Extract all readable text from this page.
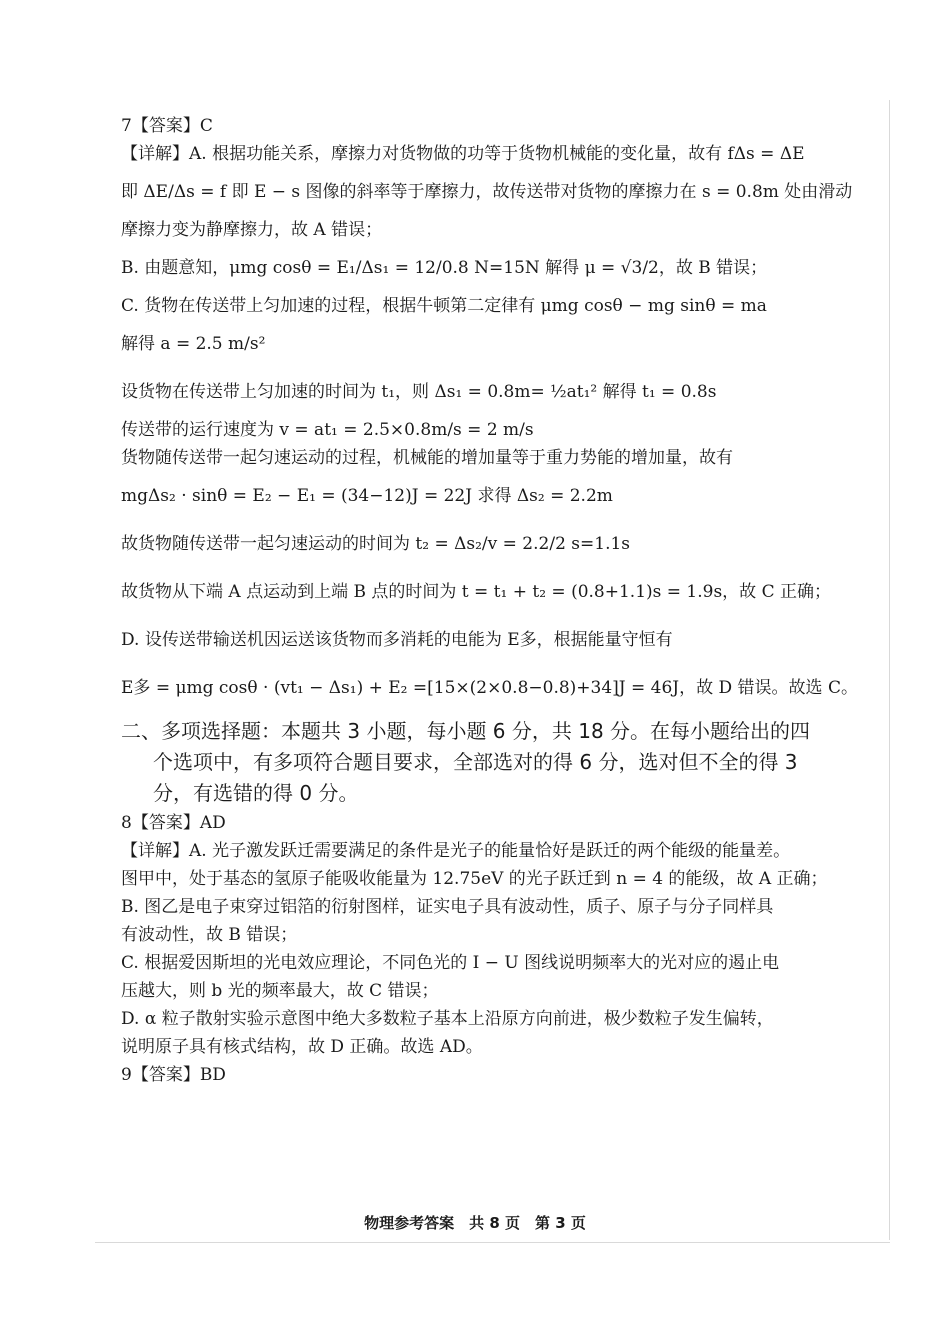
7【答案】C
【详解】A. 根据功能关系，摩擦力对货物做的功等于货物机械能的变化量，故有 fΔs = ΔE
即 ΔE/Δs = f 即 E − s 图像的斜率等于摩擦力，故传送带对货物的摩擦力在 s = 0.8m 处由滑动
摩擦力变为静摩擦力，故 A 错误；
B. 由题意知，μmg cosθ = E₁/Δs₁ = 12/0.8 N=15N 解得 μ = √3/2，故 B 错误；
C. 货物在传送带上匀加速的过程，根据牛顿第二定律有 μmg cosθ − mg sinθ = ma
解得 a = 2.5 m/s²
设货物在传送带上匀加速的时间为 t₁，则 Δs₁ = 0.8m= ½at₁² 解得 t₁ = 0.8s
传送带的运行速度为 v = at₁ = 2.5×0.8m/s = 2 m/s
货物随传送带一起匀速运动的过程，机械能的增加量等于重力势能的增加量，故有
mgΔs₂ · sinθ = E₂ − E₁ = (34−12)J = 22J 求得 Δs₂ = 2.2m
故货物随传送带一起匀速运动的时间为 t₂ = Δs₂/v = 2.2/2 s=1.1s
故货物从下端 A 点运动到上端 B 点的时间为 t = t₁ + t₂ = (0.8+1.1)s = 1.9s，故 C 正确；
D. 设传送带输送机因运送该货物而多消耗的电能为 E多，根据能量守恒有
E多 = μmg cosθ · (vt₁ − Δs₁) + E₂ =[15×(2×0.8−0.8)+34]J = 46J，故 D 错误。故选 C。
二、多项选择题：本题共 3 小题，每小题 6 分，共 18 分。在每小题给出的四
个选项中，有多项符合题目要求，全部选对的得 6 分，选对但不全的得 3
分，有选错的得 0 分。
8【答案】AD
【详解】A. 光子激发跃迁需要满足的条件是光子的能量恰好是跃迁的两个能级的能量差。
图甲中，处于基态的氢原子能吸收能量为 12.75eV 的光子跃迁到 n = 4 的能级，故 A 正确；
B. 图乙是电子束穿过铝箔的衍射图样，证实电子具有波动性，质子、原子与分子同样具
有波动性，故 B 错误；
C. 根据爱因斯坦的光电效应理论，不同色光的 I − U 图线说明频率大的光对应的遏止电
压越大，则 b 光的频率最大，故 C 错误；
D. α 粒子散射实验示意图中绝大多数粒子基本上沿原方向前进，极少数粒子发生偏转，
说明原子具有核式结构，故 D 正确。故选 AD。
9【答案】BD
物理参考答案　共 8 页　第 3 页
